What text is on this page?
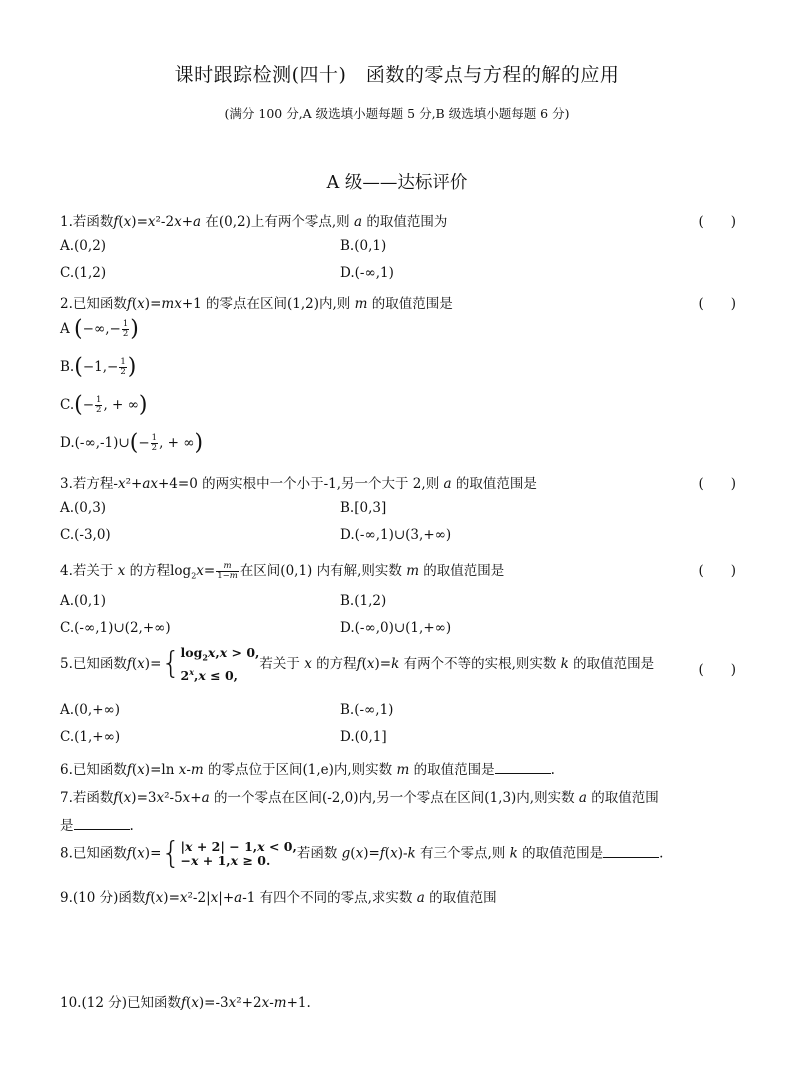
课时跟踪检测(四十)　函数的零点与方程的解的应用
(满分 100 分,A 级选填小题每题 5 分,B 级选填小题每题 6 分)
A 级——达标评价
1.若函数f(x)=x²-2x+a 在(0,2)上有两个零点,则 a 的取值范围为	(　　)
A.(0,2)	B.(0,1)
C.(1,2)	D.(-∞,1)
2.已知函数f(x)=mx+1 的零点在区间(1,2)内,则 m 的取值范围是	(　　)
A (−∞,− $\frac{1}{2}$ )
$B.(-1,- \frac{1}{2}$ )
$C.(- \frac{1}{2}$ , + ∞)
D.(-∞,-1)∪(− $\frac{1}{2}$ , + ∞)
3.若方程-x²+ax+4=0 的两实根中一个小于-1,另一个大于 2,则 a 的取值范围是	(　　)
A.(0,3)	B.[0,3]
C.(-3,0)	D.(-∞,1)∪(3,+∞)
4.若关于 x 的方程$\log_2x= \frac{m}{1-m}$ 在区间(0,1) 内有解,则实数 m 的取值范围是	(　　)
A.(0,1)	B.(1,2)
C.(-∞,1)∪(2,+∞)	D.(-∞,0)∪(1,+∞)
5.已知函数$f(x)=\{\log_2x,x > 0$,
$2^x,x \le 0$,若关于 x 的方程f(x)=k 有两个不等的实根,则实数 k 的取值范围是	(　　)
A.(0,+∞)	B.(-∞,1)
C.(1,+∞)	D.(0,1]
6.已知函数f(x)=ln x-m 的零点位于区间(1,e)内,则实数 m 的取值范围是	.
7.若函数f(x)=3x²-5x+a 的一个零点在区间(-2,0)内,另一个零点在区间(1,3)内,则实数 a 的取值范围
是	.
8.已知函数f(x)={|x + 2| − 1,x < 0,
−x + 1,x ≥ 0. 若函数 g(x)=f(x)-k 有三个零点,则 k 的取值范围是	.
9.(10 分)函数f(x)=x²-2|x|+a-1 有四个不同的零点,求实数 a 的取值范围
10.(12 分)已知函数f(x)=-3x²+2x-m+1.
